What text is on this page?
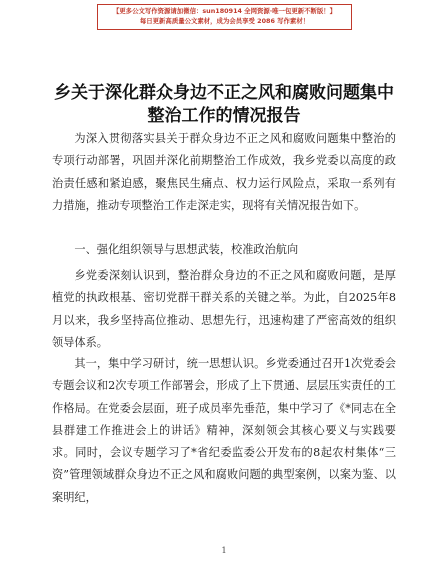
【更多公文写作资源请加微信：sun180914 全网资源·唯一包更新不断版！】
每日更新高质量公文素材，成为会员享受 2086 写作素材！
乡关于深化群众身边不正之风和腐败问题集中
整治工作的情况报告
为深入贯彻落实县关于群众身边不正之风和腐败问题集中整治的专项行动部署，巩固并深化前期整治工作成效，我乡党委以高度的政治责任感和紧迫感，聚焦民生痛点、权力运行风险点，采取一系列有力措施，推动专项整治工作走深走实，现将有关情况报告如下。
一、强化组织领导与思想武装，校准政治航向
乡党委深刻认识到，整治群众身边的不正之风和腐败问题，是厚植党的执政根基、密切党群干群关系的关键之举。为此，自2025年8月以来，我乡坚持高位推动、思想先行，迅速构建了严密高效的组织领导体系。
其一，集中学习研讨，统一思想认识。乡党委通过召开1次党委会专题会议和2次专项工作部署会，形成了上下贯通、层层压实责任的工作格局。在党委会层面，班子成员率先垂范，集中学习了《*同志在全县群建工作推进会上的讲话》精神，深刻领会其核心要义与实践要求。同时，会议专题学习了*省纪委监委公开发布的8起农村集体“三资”管理领域群众身边不正之风和腐败问题的典型案例，以案为鉴、以案明纪，
1
